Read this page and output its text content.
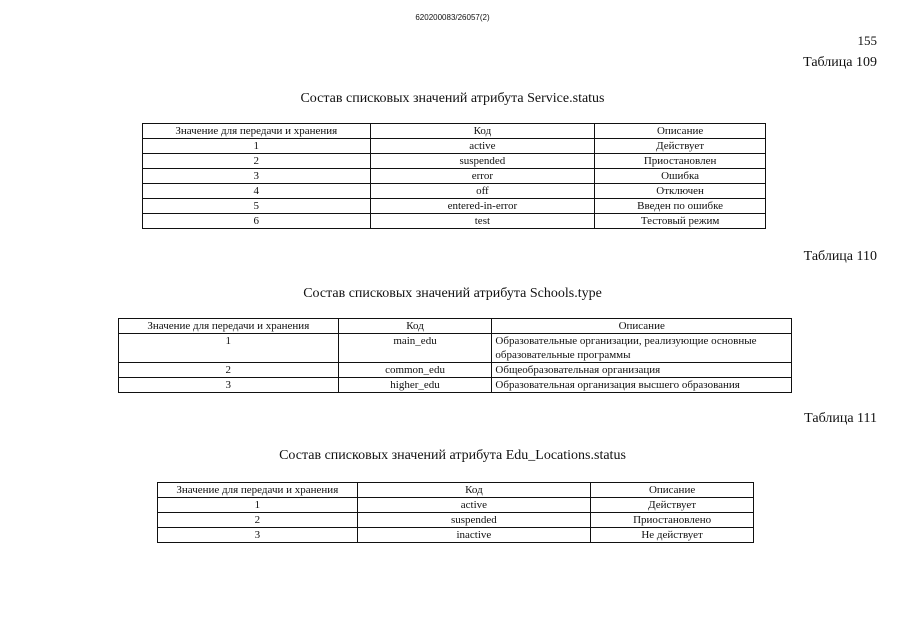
620200083/26057(2)
155
Таблица 109
Состав списковых значений атрибута Service.status
Значение для передачи и хранения	Код	Описание
1	active	Действует
2	suspended	Приостановлен
3	error	Ошибка
4	off	Отключен
5	entered-in-error	Введен по ошибке
6	test	Тестовый режим
Таблица 110
Состав списковых значений атрибута Schools.type
Значение для передачи и хранения	Код	Описание
1	main_edu	Образовательные организации, реализующие основные образовательные программы
2	common_edu	Общеобразовательная организация
3	higher_edu	Образовательная организация высшего образования
Таблица 111
Состав списковых значений атрибута Edu_Locations.status
Значение для передачи и хранения	Код	Описание
1	active	Действует
2	suspended	Приостановлено
3	inactive	Не действует
